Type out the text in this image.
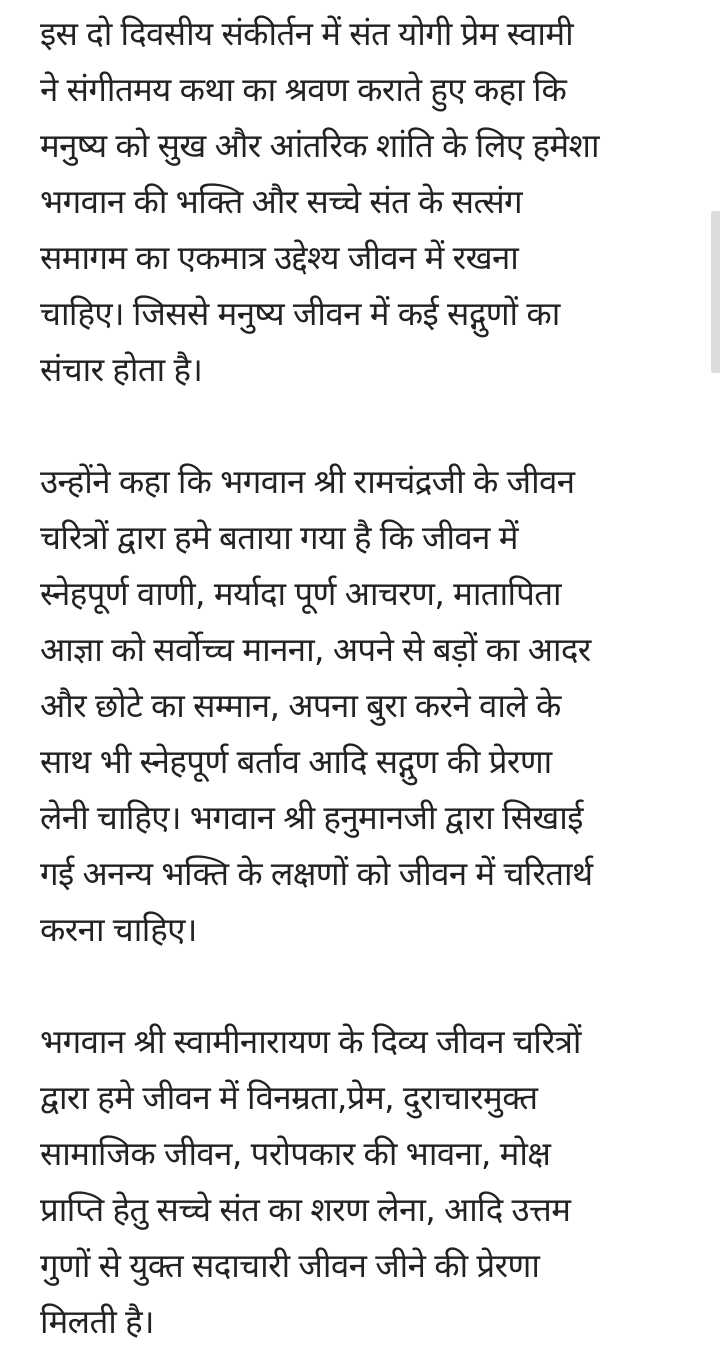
इस दो दिवसीय संकीर्तन में संत योगी प्रेम स्वामी
ने संगीतमय कथा का श्रवण कराते हुए कहा कि
मनुष्य को सुख और आंतरिक शांति के लिए हमेशा
भगवान की भक्ति और सच्चे संत के सत्संग
समागम का एकमात्र उद्देश्य जीवन में रखना
चाहिए। जिससे मनुष्य जीवन में कई सद्गुणों का
संचार होता है।

उन्होंने कहा कि भगवान श्री रामचंद्रजी के जीवन
चरित्रों द्वारा हमे बताया गया है कि जीवन में
स्नेहपूर्ण वाणी, मर्यादा पूर्ण आचरण, मातापिता
आज्ञा को सर्वोच्च मानना, अपने से बड़ों का आदर
और छोटे का सम्मान, अपना बुरा करने वाले के
साथ भी स्नेहपूर्ण बर्ताव आदि सद्गुण की प्रेरणा
लेनी चाहिए। भगवान श्री हनुमानजी द्वारा सिखाई
गई अनन्य भक्ति के लक्षणों को जीवन में चरितार्थ
करना चाहिए।

भगवान श्री स्वामीनारायण के दिव्य जीवन चरित्रों
द्वारा हमे जीवन में विनम्रता,प्रेम, दुराचारमुक्त
सामाजिक जीवन, परोपकार की भावना, मोक्ष
प्राप्ति हेतु सच्चे संत का शरण लेना, आदि उत्तम
गुणों से युक्त सदाचारी जीवन जीने की प्रेरणा
मिलती है।
